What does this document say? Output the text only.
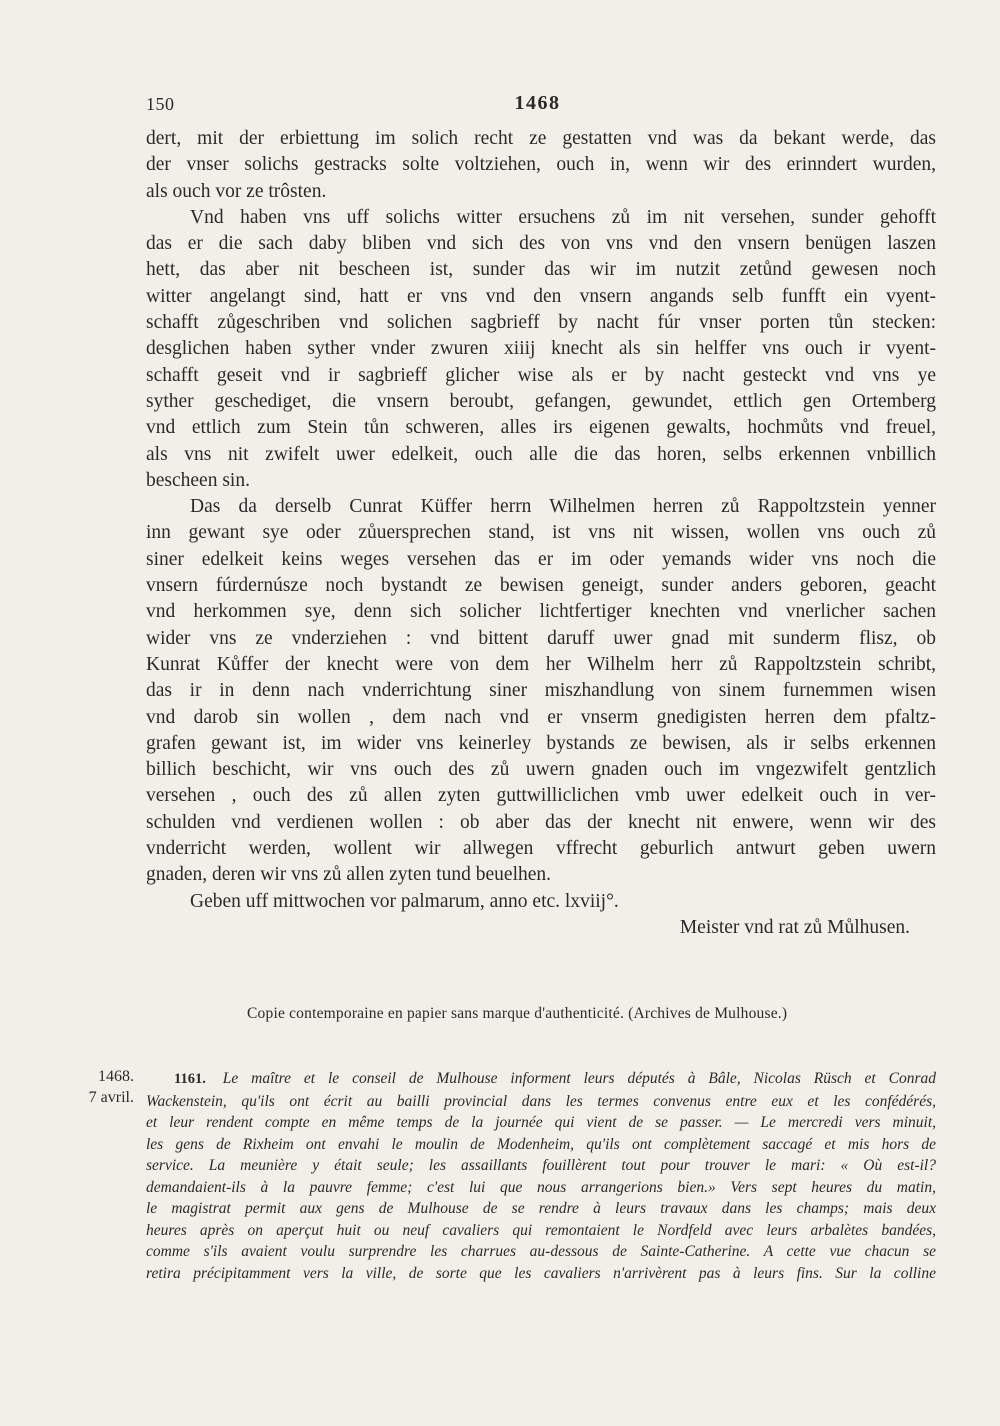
150	1468
dert, mit der erbiettung im solich recht ze gestatten vnd was da bekant werde, das
der vnser solichs gestracks solte voltziehen, ouch in, wenn wir des erinndert wurden,
als ouch vor ze trôsten.
Vnd haben vns uff solichs witter ersuchens zů im nit versehen, sunder gehofft
das er die sach daby bliben vnd sich des von vns vnd den vnsern benügen laszen
hett, das aber nit bescheen ist, sunder das wir im nutzit zetůnd gewesen noch
witter angelangt sind, hatt er vns vnd den vnsern angands selb funfft ein vyent-
schafft zůgeschriben vnd solichen sagbrieff by nacht fúr vnser porten tůn stecken:
desglichen haben syther vnder zwuren xiiij knecht als sin helffer vns ouch ir vyent-
schafft geseit vnd ir sagbrieff glicher wise als er by nacht gesteckt vnd vns ye
syther geschediget, die vnsern beroubt, gefangen, gewundet, ettlich gen Ortemberg
vnd ettlich zum Stein tůn schweren, alles irs eigenen gewalts, hochmůts vnd freuel,
als vns nit zwifelt uwer edelkeit, ouch alle die das horen, selbs erkennen vnbillich
bescheen sin.
Das da derselb Cunrat Küffer herrn Wilhelmen herren zů Rappoltzstein yenner
inn gewant sye oder zůuersprechen stand, ist vns nit wissen, wollen vns ouch zů
siner edelkeit keins weges versehen das er im oder yemands wider vns noch die
vnsern fúrdernúsze noch bystandt ze bewisen geneigt, sunder anders geboren, geacht
vnd herkommen sye, denn sich solicher lichtfertiger knechten vnd vnerlicher sachen
wider vns ze vnderziehen : vnd bittent daruff uwer gnad mit sunderm flisz, ob
Kunrat Kůffer der knecht were von dem her Wilhelm herr zů Rappoltzstein schribt,
das ir in denn nach vnderrichtung siner miszhandlung von sinem furnemmen wisen
vnd darob sin wollen , dem nach vnd er vnserm gnedigisten herren dem pfaltz-
grafen gewant ist, im wider vns keinerley bystands ze bewisen, als ir selbs erkennen
billich beschicht, wir vns ouch des zů uwern gnaden ouch im vngezwifelt gentzlich
versehen , ouch des zů allen zyten guttwilliclichen vmb uwer edelkeit ouch in ver-
schulden vnd verdienen wollen : ob aber das der knecht nit enwere, wenn wir des
vnderricht werden, wollent wir allwegen vffrecht geburlich antwurt geben uwern
gnaden, deren wir vns zů allen zyten tund beuelhen.
Geben uff mittwochen vor palmarum, anno etc. lxviij°.
Meister vnd rat zů Můlhusen.
Copie contemporaine en papier sans marque d'authenticité. (Archives de Mulhouse.)
1468.
7 avril.
1161. Le maître et le conseil de Mulhouse informent leurs députés à Bâle, Nicolas Rüsch et Conrad
Wackenstein, qu'ils ont écrit au bailli provincial dans les termes convenus entre eux et les confédérés,
et leur rendent compte en même temps de la journée qui vient de se passer. — Le mercredi vers minuit,
les gens de Rixheim ont envahi le moulin de Modenheim, qu'ils ont complètement saccagé et mis hors de
service. La meunière y était seule; les assaillants fouillèrent tout pour trouver le mari: « Où est-il?
demandaient-ils à la pauvre femme; c'est lui que nous arrangerions bien.» Vers sept heures du matin,
le magistrat permit aux gens de Mulhouse de se rendre à leurs travaux dans les champs; mais deux
heures après on aperçut huit ou neuf cavaliers qui remontaient le Nordfeld avec leurs arbalètes bandées,
comme s'ils avaient voulu surprendre les charrues au-dessous de Sainte-Catherine. A cette vue chacun se
retira précipitamment vers la ville, de sorte que les cavaliers n'arrivèrent pas à leurs fins. Sur la colline
